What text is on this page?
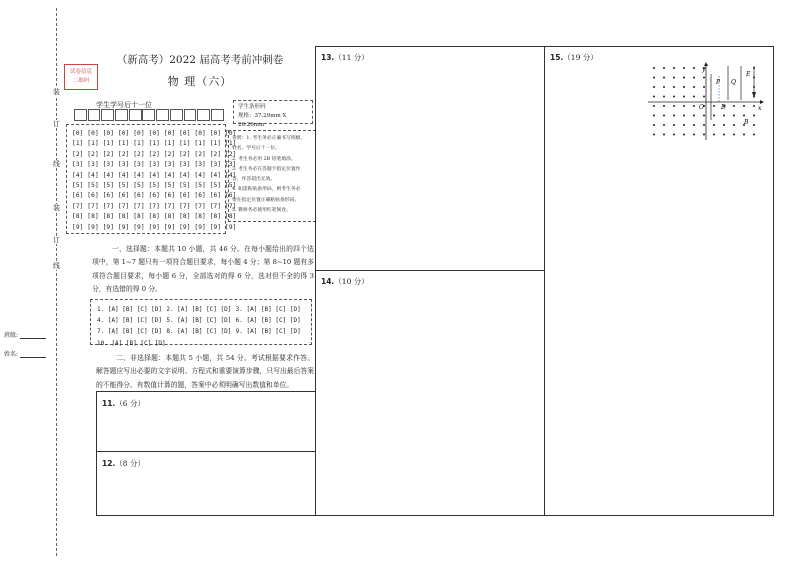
装
订
线
装
订
线
班级:
姓名:
试卷信息
二维码
（新高考）2022 届高考考前冲刺卷
物 理（六）
学生学号后十一位
[0] [0] [0] [0] [0] [0] [0] [0] [0] [0] [0]
[1] [1] [1] [1] [1] [1] [1] [1] [1] [1] [1]
[2] [2] [2] [2] [2] [2] [2] [2] [2] [2] [2]
[3] [3] [3] [3] [3] [3] [3] [3] [3] [3] [3]
[4] [4] [4] [4] [4] [4] [4] [4] [4] [4] [4]
[5] [5] [5] [5] [5] [5] [5] [5] [5] [5] [5]
[6] [6] [6] [6] [6] [6] [6] [6] [6] [6] [6]
[7] [7] [7] [7] [7] [7] [7] [7] [7] [7] [7]
[8] [8] [8] [8] [8] [8] [8] [8] [8] [8] [8]
[9] [9] [9] [9] [9] [9] [9] [9] [9] [9] [9]
学生条形码
规格：37.29mm X 26.26mm
说明：1. 考生务必正确书写班级、
姓名、学号后十一位。
2. 考生务必用 2B 铅笔填涂。
3. 考生务必在答题卡指定位置作
答，作答超出无效。
4. 如需粘贴条形码，则考生务必
要在指定位置正确粘贴条形码。
5. 教师务必使用红笔阅卷。
一、选择题：本题共 10 小题，共 46 分。在每小题给出的四个选项中，第 1~7 题只有一项符合题目要求，每小题 4 分；第 8~10 题有多项符合题目要求，每小题 6 分，全部选对的得 6 分，选对但不全的得 3 分，有选错的得 0 分。
1. [A] [B] [C] [D] 2. [A] [B] [C] [D] 3. [A] [B] [C] [D]
4. [A] [B] [C] [D] 5. [A] [B] [C] [D] 6. [A] [B] [C] [D]
7. [A] [B] [C] [D] 8. [A] [B] [C] [D] 9. [A] [B] [C] [D]
10. [A] [B] [C] [D]
二、非选择题：本题共 5 小题，共 54 分。考试根据要求作答。解答题应写出必要的文字说明、方程式和重要演算步骤，只写出最后答案的不能得分。有数值计算的题，答案中必须明确写出数值和单位。
11.（6 分）
12.（8 分）
13.（11 分）
14.（10 分）
15.（19 分）
y
x
P Q
E
O	D
B
